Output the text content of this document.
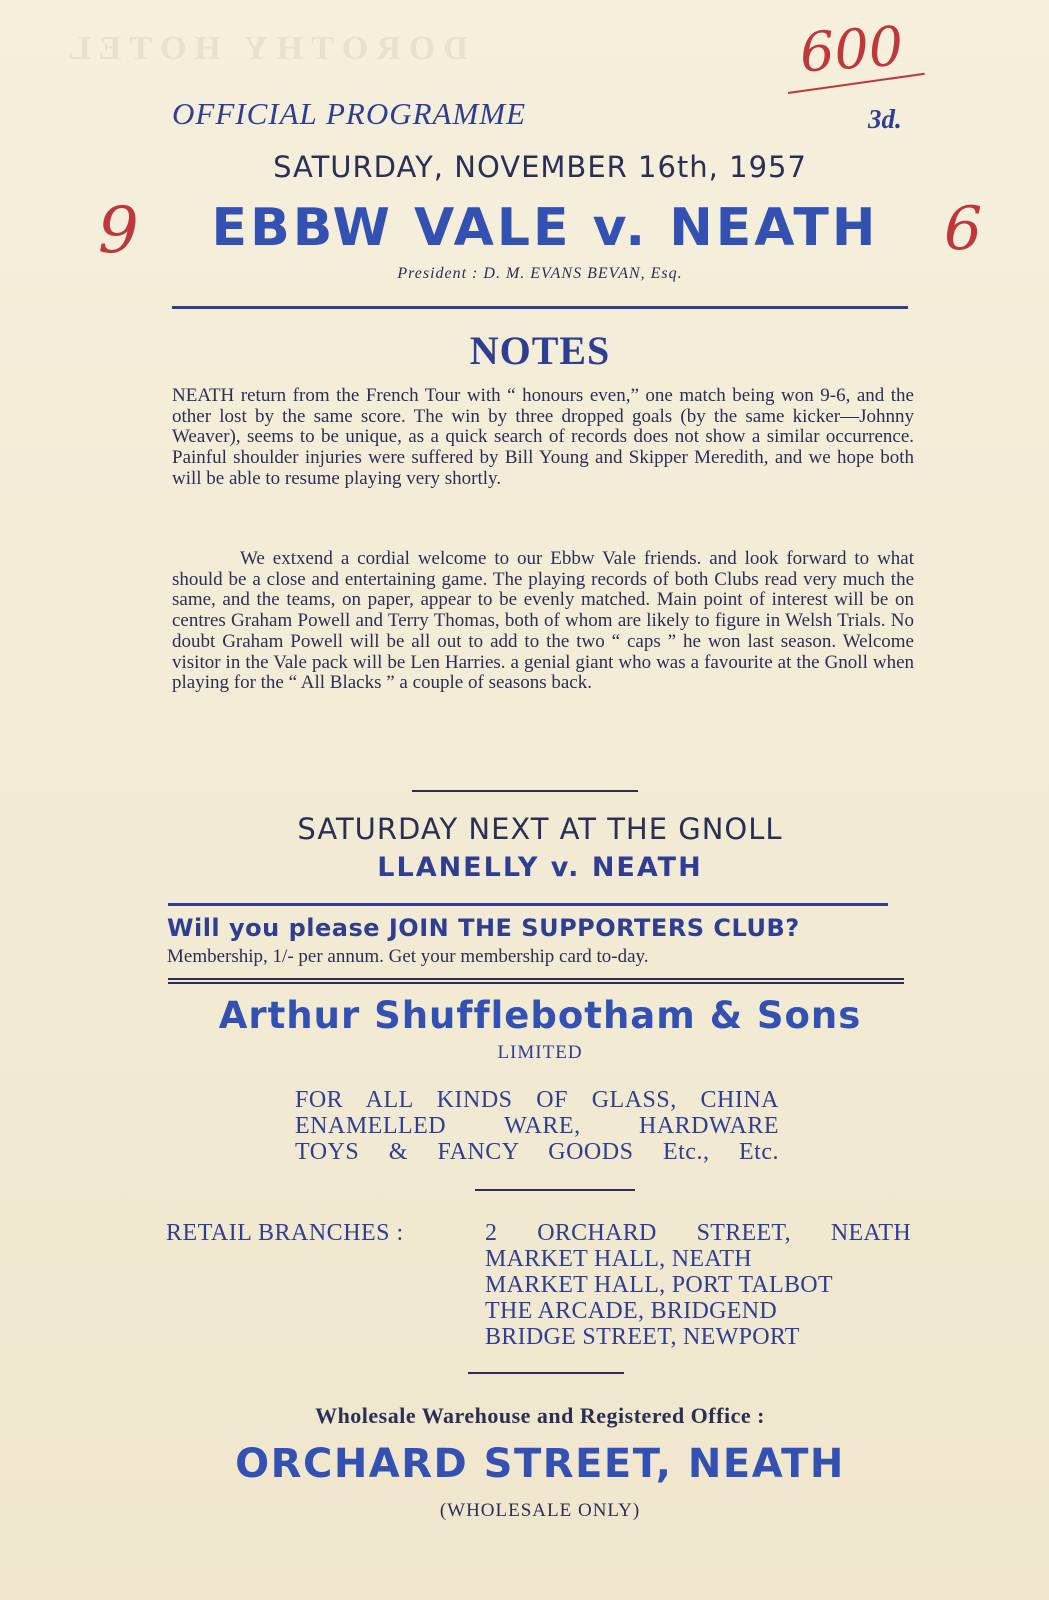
DOROTHY HOTEL
OFFICIAL PROGRAMME	3d.
600
SATURDAY, NOVEMBER 16th, 1957
9	EBBW VALE v. NEATH	6
President : D. M. EVANS BEVAN, Esq.
NOTES
NEATH return from the French Tour with “ honours even,” one match being won 9-6, and the other lost by the same score. The win by three dropped goals (by the same kicker—Johnny Weaver), seems to be unique, as a quick search of records does not show a similar occurrence. Painful shoulder injuries were suffered by Bill Young and Skipper Meredith, and we hope both will be able to resume playing very shortly.
We extxend a cordial welcome to our Ebbw Vale friends. and look forward to what should be a close and entertaining game. The playing records of both Clubs read very much the same, and the teams, on paper, appear to be evenly matched. Main point of interest will be on centres Graham Powell and Terry Thomas, both of whom are likely to figure in Welsh Trials. No doubt Graham Powell will be all out to add to the two “ caps ” he won last season. Welcome visitor in the Vale pack will be Len Harries. a genial giant who was a favourite at the Gnoll when playing for the “ All Blacks ” a couple of seasons back.
SATURDAY NEXT AT THE GNOLL
LLANELLY v. NEATH
Will you please JOIN THE SUPPORTERS CLUB?
Membership, 1/- per annum. Get your membership card to-day.
Arthur Shufflebotham & Sons
LIMITED
FOR ALL KINDS OF GLASS, CHINA
ENAMELLED WARE, HARDWARE
TOYS & FANCY GOODS Etc., Etc.
RETAIL BRANCHES :	2 ORCHARD STREET, NEATH
MARKET HALL, NEATH
MARKET HALL, PORT TALBOT
THE ARCADE, BRIDGEND
BRIDGE STREET, NEWPORT
Wholesale Warehouse and Registered Office :
ORCHARD STREET, NEATH
(WHOLESALE ONLY)
